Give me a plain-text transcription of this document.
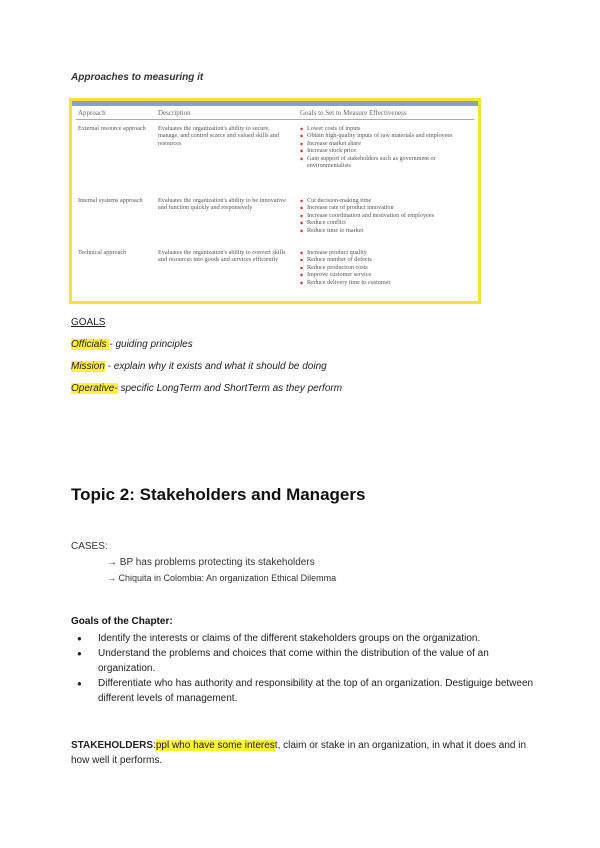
Approaches to measuring it
Approach	Description	Goals to Set to Measure Effectiveness
External resource approach	Evaluates the organization's ability to secure, manage, and control scarce and valued skills and resources
◆ Lower costs of inputs
◆ Obtain high-quality inputs of raw materials and employees
◆ Increase market share
◆ Increase stock price
◆ Gain support of stakeholders such as government or environmentalists
Internal systems approach	Evaluates the organization's ability to be innovative and function quickly and responsively
◆ Cut decision-making time
◆ Increase rate of product innovation
◆ Increase coordination and motivation of employees
◆ Reduce conflict
◆ Reduce time to market
Technical approach	Evaluates the organization's ability to convert skills and resources into goods and services efficiently
◆ Increase product quality
◆ Reduce number of defects
◆ Reduce production costs
◆ Improve customer service
◆ Reduce delivery time to customer
GOALS
Officials - guiding principles
Mission - explain why it exists and what it should be doing
Operative- specific LongTerm and ShortTerm as they perform
Topic 2: Stakeholders and Managers
CASES:
→ BP has problems protecting its stakeholders
→ Chiquita in Colombia: An organization Ethical Dilemma
Goals of the Chapter:
● Identify the interests or claims of the different stakeholders groups on the organization.
● Understand the problems and choices that come within the distribution of the value of an organization.
● Differentiate who has authority and responsibility at the top of an organization. Destiguige between different levels of management.
STAKEHOLDERS:ppl who have some interest, claim or stake in an organization, in what it does and in how well it performs.
